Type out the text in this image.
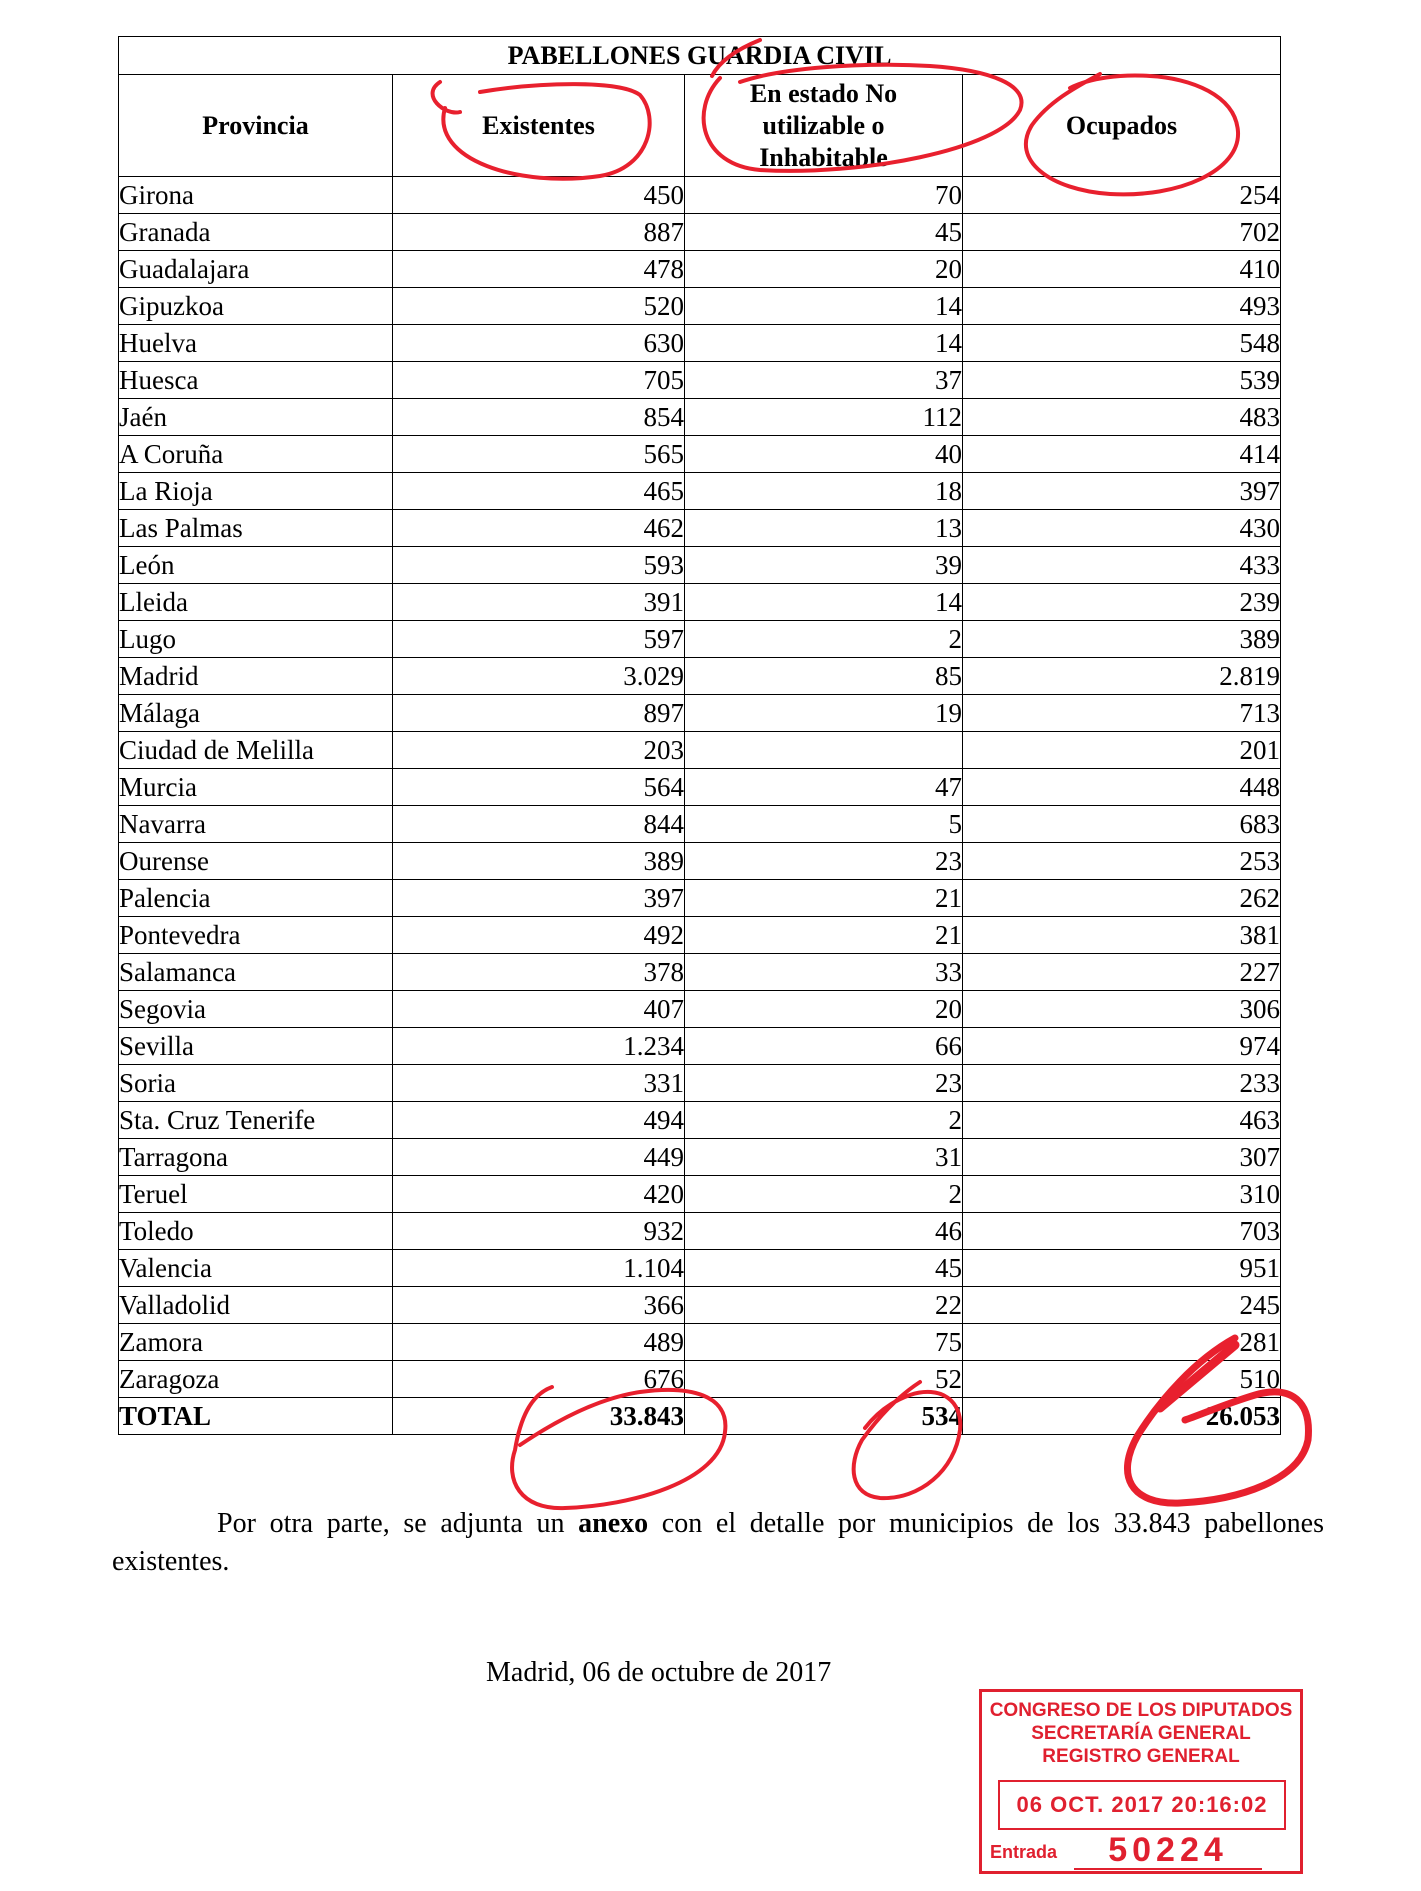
PABELLONES GUARDIA CIVIL			
Provincia	Existentes	En estado No
utilizable o
Inhabitable	Ocupados
Girona	450	70	254
Granada	887	45	702
Guadalajara	478	20	410
Gipuzkoa	520	14	493
Huelva	630	14	548
Huesca	705	37	539
Jaén	854	112	483
A Coruña	565	40	414
La Rioja	465	18	397
Las Palmas	462	13	430
León	593	39	433
Lleida	391	14	239
Lugo	597	2	389
Madrid	3.029	85	2.819
Málaga	897	19	713
Ciudad de Melilla	203		201
Murcia	564	47	448
Navarra	844	5	683
Ourense	389	23	253
Palencia	397	21	262
Pontevedra	492	21	381
Salamanca	378	33	227
Segovia	407	20	306
Sevilla	1.234	66	974
Soria	331	23	233
Sta. Cruz Tenerife	494	2	463
Tarragona	449	31	307
Teruel	420	2	310
Toledo	932	46	703
Valencia	1.104	45	951
Valladolid	366	22	245
Zamora	489	75	281
Zaragoza	676	52	510
TOTAL	33.843	534	26.053

Por otra parte, se adjunta un anexo con el detalle por municipios de los 33.843 pabellones existentes.

Madrid, 06 de octubre de 2017

CONGRESO DE LOS DIPUTADOS
SECRETARÍA GENERAL
REGISTRO GENERAL
06 OCT. 2017 20:16:02
Entrada	50224
